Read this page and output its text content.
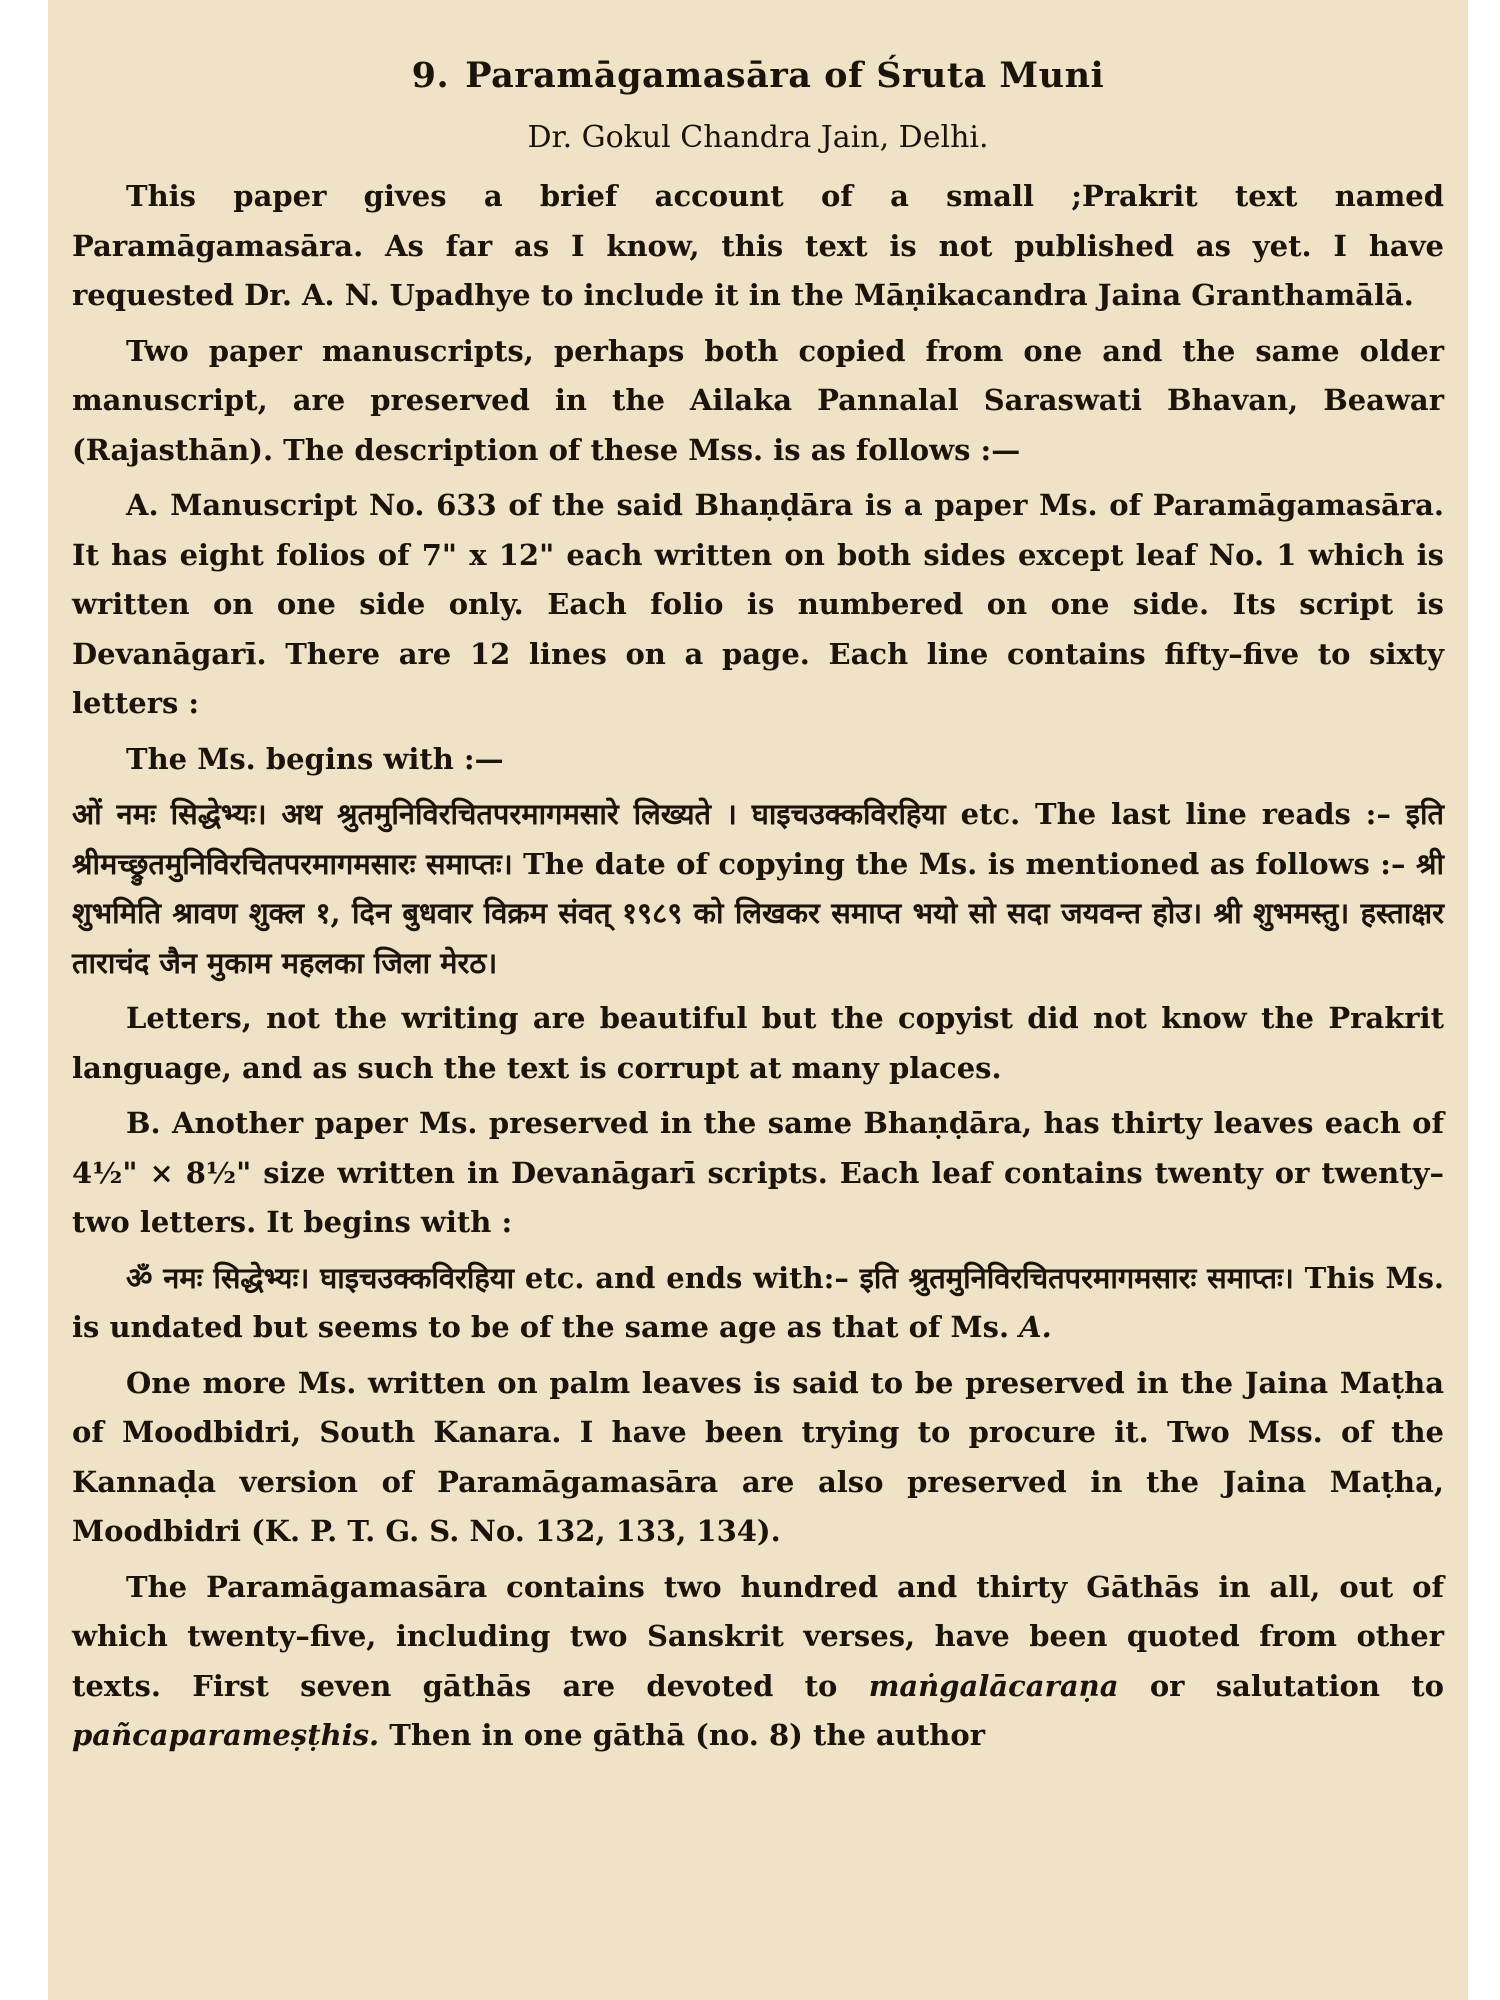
9. Paramāgamasāra of Śruta Muni
Dr. Gokul Chandra Jain, Delhi.

This paper gives a brief account of a small ;Prakrit text named Paramāgamasāra. As far as I know, this text is not published as yet. I have requested Dr. A. N. Upadhye to include it in the Māṇikacandra Jaina Granthamālā.

Two paper manuscripts, perhaps both copied from one and the same older manuscript, are preserved in the Ailaka Pannalal Saraswati Bhavan, Beawar (Rajasthān). The description of these Mss. is as follows :—

A. Manuscript No. 633 of the said Bhaṇḍāra is a paper Ms. of Paramāgamasāra. It has eight folios of 7" x 12" each written on both sides except leaf No. 1 which is written on one side only. Each folio is numbered on one side. Its script is Devanāgarī. There are 12 lines on a page. Each line contains fifty–five to sixty letters :

The Ms. begins with :—

ओं नमः सिद्धेभ्यः। अथ श्रुतमुनिविरचितपरमागमसारे लिख्यते । घाइचउक्कविरहिया etc. The last line reads :– इति श्रीमच्छ्रुतमुनिविरचितपरमागमसारः समाप्तः। The date of copying the Ms. is mentioned as follows :– श्री शुभमिति श्रावण शुक्ल १, दिन बुधवार विक्रम संवत् १९८९ को लिखकर समाप्त भयो सो सदा जयवन्त होउ। श्री शुभमस्तु। हस्ताक्षर ताराचंद जैन मुकाम महलका जिला मेरठ।

Letters, not the writing are beautiful but the copyist did not know the Prakrit language, and as such the text is corrupt at many places.

B. Another paper Ms. preserved in the same Bhaṇḍāra, has thirty leaves each of 4½" × 8½" size written in Devanāgarī scripts. Each leaf contains twenty or twenty–two letters. It begins with :

ॐ नमः सिद्धेभ्यः। घाइचउक्कविरहिया etc. and ends with:– इति श्रुतमुनिविरचितपरमागमसारः समाप्तः। This Ms. is undated but seems to be of the same age as that of Ms. A.

One more Ms. written on palm leaves is said to be preserved in the Jaina Maṭha of Moodbidri, South Kanara. I have been trying to procure it. Two Mss. of the Kannaḍa version of Paramāgamasāra are also preserved in the Jaina Maṭha, Moodbidri (K. P. T. G. S. No. 132, 133, 134).

The Paramāgamasāra contains two hundred and thirty Gāthās in all, out of which twenty–five, including two Sanskrit verses, have been quoted from other texts. First seven gāthās are devoted to maṅgalācaraṇa or salutation to pañcaparameṣṭhis. Then in one gāthā (no. 8) the author
